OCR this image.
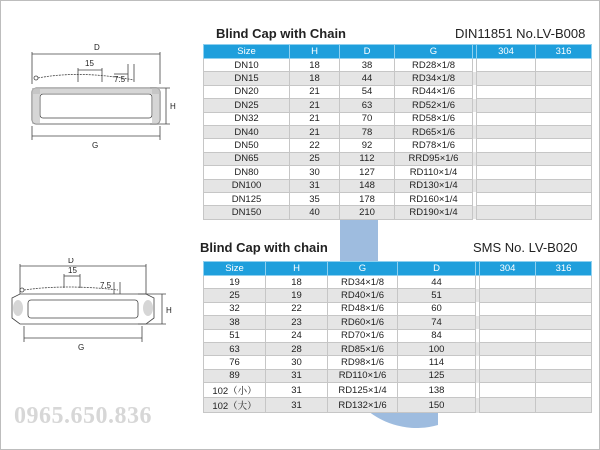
D
15
7.5
H
G
D
15
7.5
H
G
Blind Cap with Chain	DIN11851 No.LV-B008
Size	H	D	G		304	316
DN10	18	38	RD28×1/8			
DN15	18	44	RD34×1/8			
DN20	21	54	RD44×1/6			
DN25	21	63	RD52×1/6			
DN32	21	70	RD58×1/6			
DN40	21	78	RD65×1/6			
DN50	22	92	RD78×1/6			
DN65	25	112	RRD95×1/6			
DN80	30	127	RD110×1/4			
DN100	31	148	RD130×1/4			
DN125	35	178	RD160×1/4			
DN150	40	210	RD190×1/4			
Blind Cap with chain	SMS No. LV-B020
Size	H	G	D		304	316
19	18	RD34×1/8	44			
25	19	RD40×1/6	51			
32	22	RD48×1/6	60			
38	23	RD60×1/6	74			
51	24	RD70×1/6	84			
63	28	RD85×1/6	100			
76	30	RD98×1/6	114			
89	31	RD110×1/6	125			
102（小）	31	RD125×1/4	138			
102（大）	31	RD132×1/6	150			
0965.650.836
